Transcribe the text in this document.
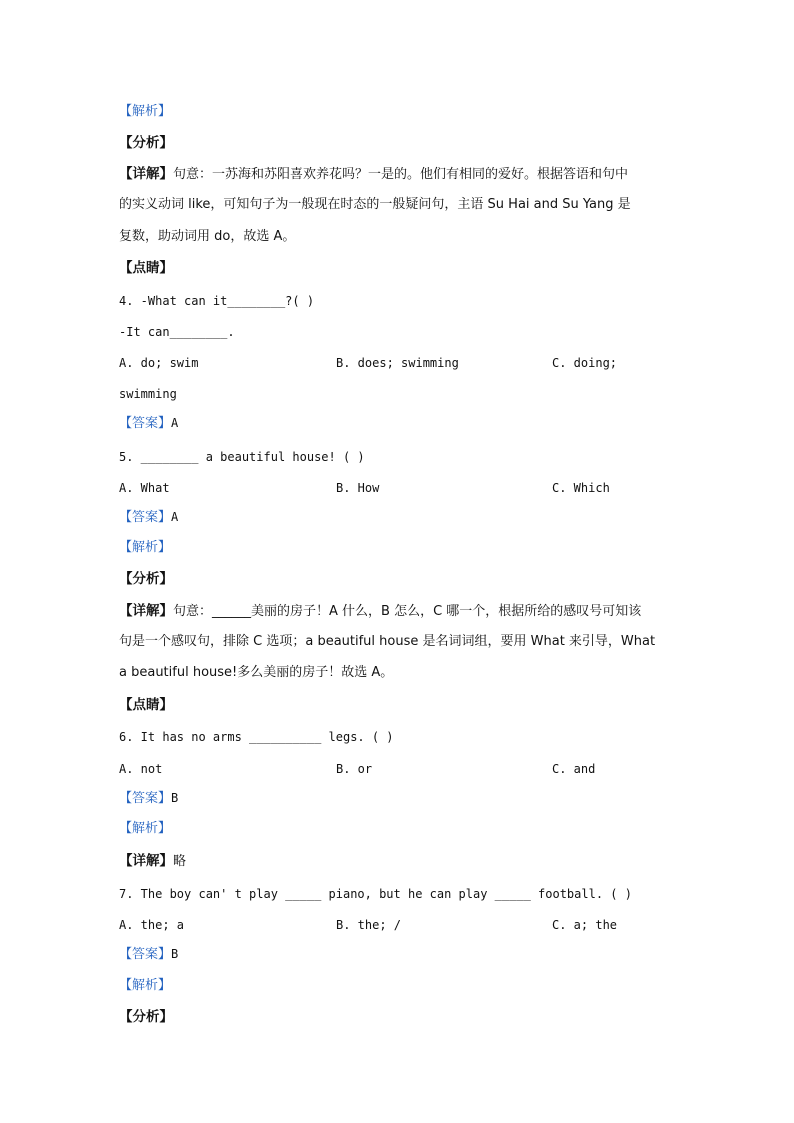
【解析】
【分析】
【详解】句意：一苏海和苏阳喜欢养花吗？一是的。他们有相同的爱好。根据答语和句中
的实义动词 like，可知句子为一般现在时态的一般疑问句，主语 Su Hai and Su Yang 是
复数，助动词用 do，故选 A。
【点睛】
4. -What can it________?( )
-It can________.
A. do; swim	B. does; swimming	C. doing;
swimming
【答案】A
5. ________ a beautiful house! ( )
A. What	B. How	C. Which
【答案】A
【解析】
【分析】
【详解】句意：______美丽的房子！A 什么，B 怎么，C 哪一个，根据所给的感叹号可知该
句是一个感叹句，排除 C 选项；a beautiful house 是名词词组，要用 What 来引导，What
a beautiful house!多么美丽的房子！故选 A。
【点睛】
6. It has no arms __________ legs. ( )
A. not	B. or	C. and
【答案】B
【解析】
【详解】略
7. The boy can' t play _____ piano, but he can play _____ football. ( )
A. the; a	B. the; /	C. a; the
【答案】B
【解析】
【分析】
